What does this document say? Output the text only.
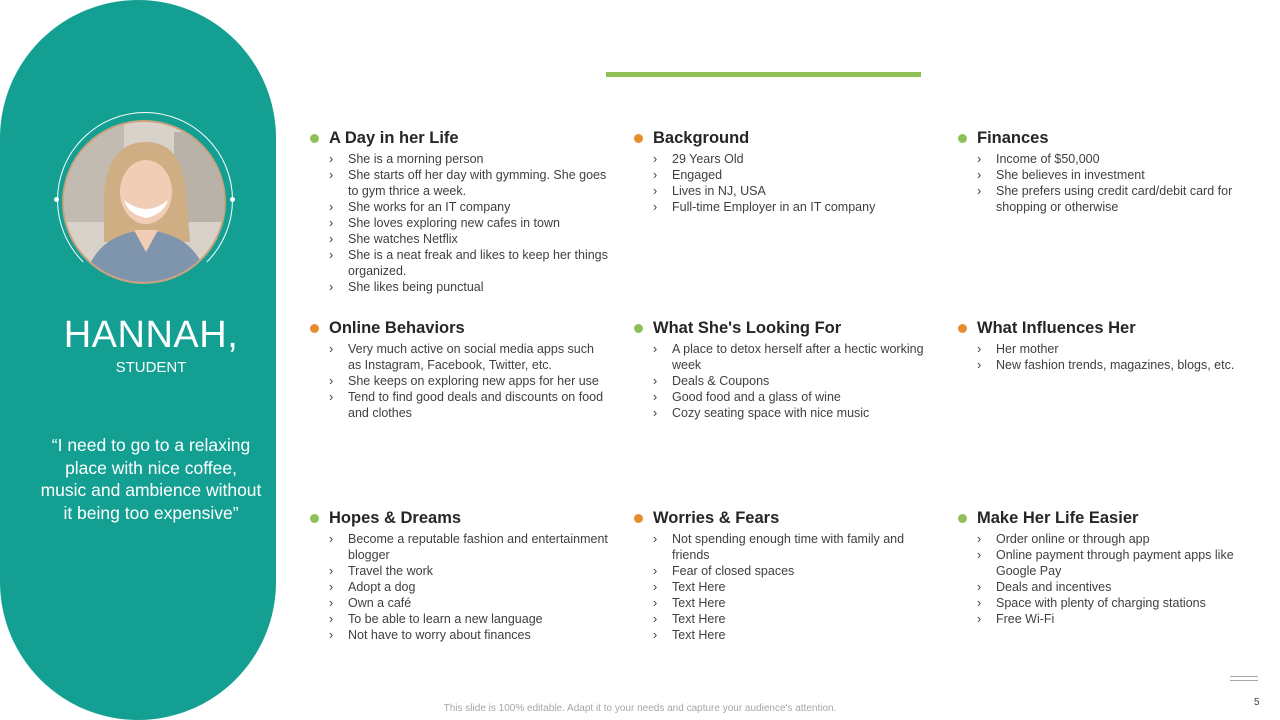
HANNAH,
STUDENT
“I need to go to a relaxing place with nice coffee, music and ambience without it being too expensive”
A Day in her Life
› She is a morning person
› She starts off her day with gymming. She goes to gym thrice a week.
› She works for an IT company
› She loves exploring new cafes in town
› She watches Netflix
› She is a neat freak and likes to keep her things organized.
› She likes being punctual
Background
› 29 Years Old
› Engaged
› Lives in NJ, USA
› Full-time Employer in an IT company
Finances
› Income of $50,000
› She believes in investment
› She prefers using credit card/debit card for shopping or otherwise
Online Behaviors
› Very much active on social media apps such as Instagram, Facebook, Twitter, etc.
› She keeps on exploring new apps for her use
› Tend to find good deals and discounts on food and clothes
What She's Looking For
› A place to detox herself after a hectic working week
› Deals & Coupons
› Good food and a glass of wine
› Cozy seating space with nice music
What Influences Her
› Her mother
› New fashion trends, magazines, blogs, etc.
Hopes & Dreams
› Become a reputable fashion and entertainment blogger
› Travel the work
› Adopt a dog
› Own a café
› To be able to learn a new language
› Not have to worry about finances
Worries & Fears
› Not spending enough time with family and friends
› Fear of closed spaces
› Text Here
› Text Here
› Text Here
› Text Here
Make Her Life Easier
› Order online or through app
› Online payment through payment apps like Google Pay
› Deals and incentives
› Space with plenty of charging stations
› Free Wi-Fi
5
This slide is 100% editable. Adapt it to your needs and capture your audience's attention.
